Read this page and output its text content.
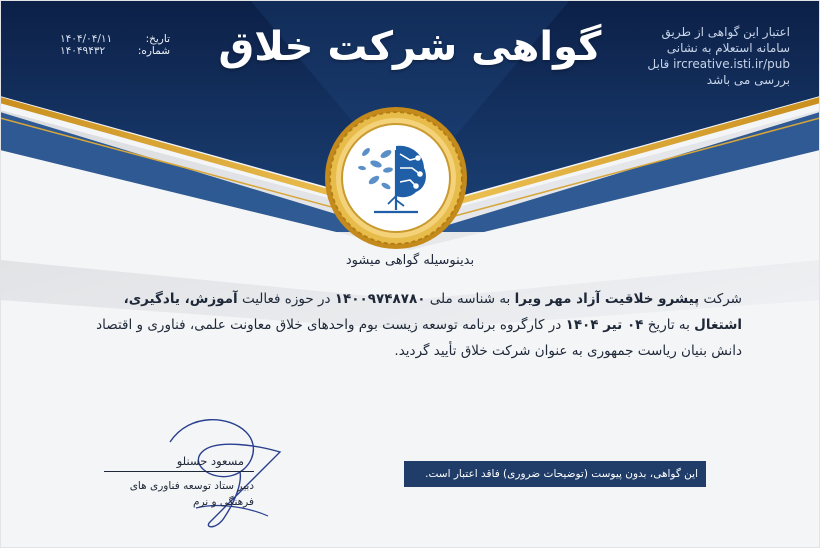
گواهی شرکت خلاق	اعتبار این گواهی از طریق
سامانه استعلام به نشانی
ircreative.isti.ir/pub قابل
بررسی می باشد
تاریخ:
۱۴۰۴/۰۴/۱۱
شماره:
۱۴۰۴۹۴۳۲
بدینوسیله گواهی میشود
شرکت پیشرو خلاقیت آزاد مهر ویرا به شناسه ملی ۱۴۰۰۹۷۴۸۷۸۰ در حوزه فعالیت آموزش، یادگیری، اشتغال به تاریخ ۰۴ تیر ۱۴۰۴ در کارگروه برنامه توسعه زیست بوم واحدهای خلاق معاونت علمی، فناوری و اقتصاد دانش بنیان ریاست جمهوری به عنوان شرکت خلاق تأیید گردید.
مسعود حسنلو
دبیر ستاد توسعه فناوری های فرهنگی و نرم
این گواهی، بدون پیوست (توضیحات ضروری) فاقد اعتبار است.
